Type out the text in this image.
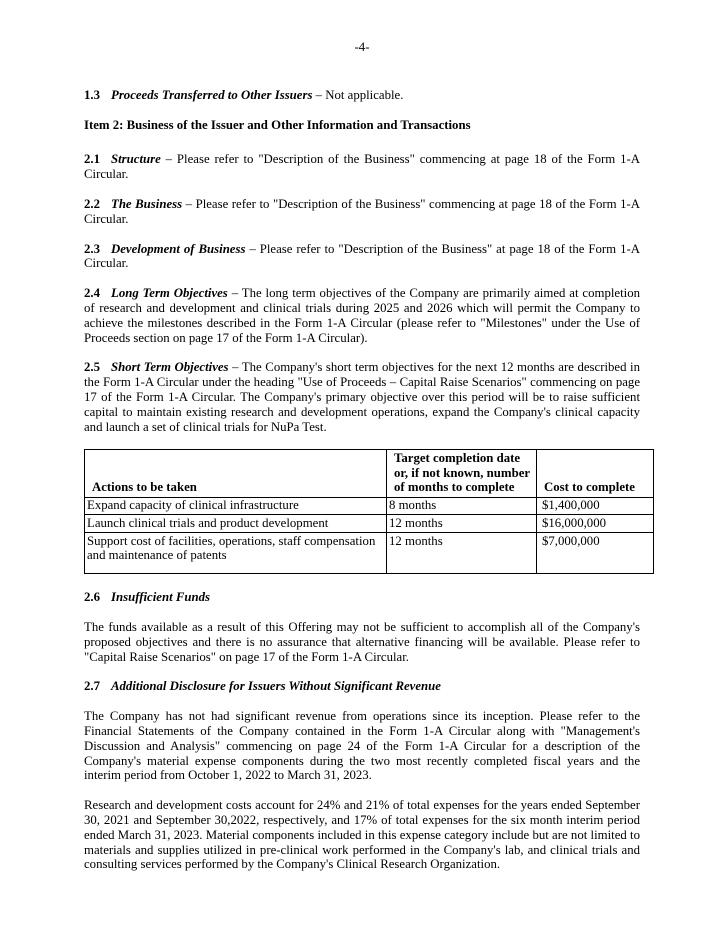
-4-

1.3 Proceeds Transferred to Other Issuers – Not applicable.

Item 2: Business of the Issuer and Other Information and Transactions

2.1 Structure – Please refer to "Description of the Business" commencing at page 18 of the Form 1-A Circular.

2.2 The Business – Please refer to "Description of the Business" commencing at page 18 of the Form 1-A Circular.

2.3 Development of Business – Please refer to "Description of the Business" at page 18 of the Form 1-A Circular.

2.4 Long Term Objectives – The long term objectives of the Company are primarily aimed at completion of research and development and clinical trials during 2025 and 2026 which will permit the Company to achieve the milestones described in the Form 1-A Circular (please refer to "Milestones" under the Use of Proceeds section on page 17 of the Form 1-A Circular).

2.5 Short Term Objectives – The Company's short term objectives for the next 12 months are described in the Form 1-A Circular under the heading "Use of Proceeds – Capital Raise Scenarios" commencing on page 17 of the Form 1-A Circular. The Company's primary objective over this period will be to raise sufficient capital to maintain existing research and development operations, expand the Company's clinical capacity and launch a set of clinical trials for NuPa Test.

Actions to be taken	Target completion date or, if not known, number of months to complete	Cost to complete
Expand capacity of clinical infrastructure	8 months	$1,400,000
Launch clinical trials and product development	12 months	$16,000,000
Support cost of facilities, operations, staff compensation and maintenance of patents	12 months	$7,000,000

2.6 Insufficient Funds

The funds available as a result of this Offering may not be sufficient to accomplish all of the Company's proposed objectives and there is no assurance that alternative financing will be available. Please refer to "Capital Raise Scenarios" on page 17 of the Form 1-A Circular.

2.7 Additional Disclosure for Issuers Without Significant Revenue

The Company has not had significant revenue from operations since its inception. Please refer to the Financial Statements of the Company contained in the Form 1-A Circular along with "Management's Discussion and Analysis" commencing on page 24 of the Form 1-A Circular for a description of the Company's material expense components during the two most recently completed fiscal years and the interim period from October 1, 2022 to March 31, 2023.

Research and development costs account for 24% and 21% of total expenses for the years ended September 30, 2021 and September 30,2022, respectively, and 17% of total expenses for the six month interim period ended March 31, 2023. Material components included in this expense category include but are not limited to materials and supplies utilized in pre-clinical work performed in the Company's lab, and clinical trials and consulting services performed by the Company's Clinical Research Organization.
